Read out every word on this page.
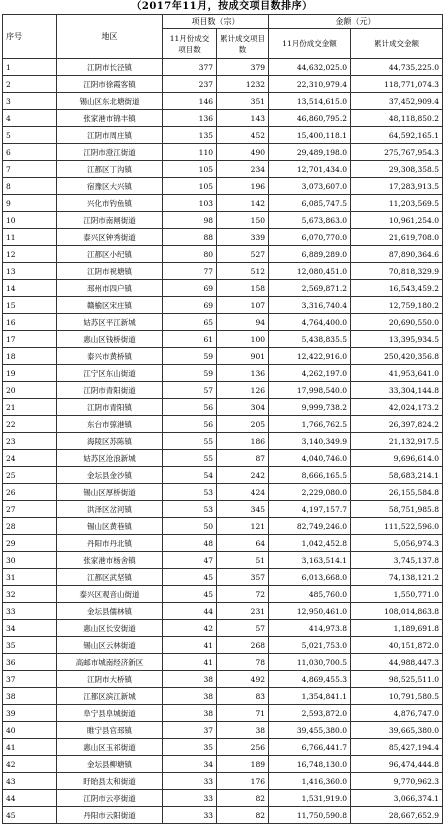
（2017年11月，按成交项目数排序）
序号	地区	项目数（宗）		金额（元）	
		11月份成交项目数	累计成交项目数	11月份成交金额	累计成交金额
1	江阴市长泾镇	377	379	44,632,025.0	44,735,225.0
2	江阴市徐霞客镇	237	1232	22,310,979.4	118,771,074.3
3	锡山区东北塘街道	146	351	13,514,615.0	37,452,909.4
4	张家港市锦丰镇	136	143	46,860,795.2	48,118,850.2
5	江阴市周庄镇	135	452	15,400,118.1	64,592,165.1
6	江阴市澄江街道	110	490	29,489,198.0	275,767,954.3
7	江都区丁沟镇	105	234	12,701,434.0	29,308,358.5
8	宿豫区大兴镇	105	196	3,073,607.0	17,283,913.5
9	兴化市钓鱼镇	103	142	6,085,747.5	11,203,569.5
10	江阴市南闸街道	98	150	5,673,863.0	10,961,254.0
11	泰兴区钟秀街道	88	339	6,070,770.0	21,619,708.0
12	江都区小纪镇	80	527	6,889,289.0	87,890,364.6
13	江阴市祝塘镇	77	512	12,080,451.0	70,818,329.9
14	邳州市四户镇	69	158	2,569,871.2	16,543,459.2
15	赣榆区宋庄镇	69	107	3,316,740.4	12,759,180.2
16	姑苏区平江新城	65	94	4,764,400.0	20,690,550.0
17	惠山区钱桥街道	61	100	5,438,835.5	13,395,934.5
18	泰兴市黄桥镇	59	901	12,422,916.0	250,420,356.8
19	江宁区东山街道	59	136	4,262,197.0	41,953,641.0
20	江阴市青阳街道	57	126	17,998,540.0	33,304,144.8
21	江阴市青阳镇	56	304	9,999,738.2	42,024,173.2
22	东台市弶港镇	56	205	1,766,762.5	26,397,824.2
23	海陵区苏陈镇	55	186	3,140,349.9	21,132,917.5
24	姑苏区沧浪新城	55	87	4,040,746.0	9,696,614.0
25	金坛县金沙镇	54	242	8,666,165.5	58,683,214.1
26	锡山区厚桥街道	53	424	2,229,080.0	26,155,584.8
27	洪泽区岔河镇	53	345	4,197,157.7	58,751,985.8
28	锡山区黄巷镇	50	121	82,749,246.0	111,522,596.0
29	丹阳市丹北镇	48	64	1,042,452.8	5,056,974.3
30	张家港市杨舍镇	47	51	3,163,514.1	3,745,137.8
31	江都区武坚镇	45	357	6,013,668.0	74,138,121.2
32	泰兴区观音山街道	45	72	485,760.0	1,550,771.0
33	金坛县儒林镇	44	231	12,950,461.0	108,014,863.8
34	惠山区长安街道	42	57	414,973.8	1,189,691.8
35	锡山区云林街道	41	268	5,021,753.0	40,151,872.0
36	高邮市城南经济新区	41	78	11,030,700.5	44,988,447.3
37	江阴市大桥镇	38	492	4,869,455.3	98,525,511.0
38	江都区滨江新城	38	83	1,354,841.1	10,791,580.5
39	阜宁县阜城街道	38	71	2,593,872.0	4,876,747.0
40	睢宁县官邳镇	37	38	39,455,380.0	39,665,380.0
41	惠山区玉祁街道	35	256	6,766,441.7	85,427,194.4
42	金坛县柳塘镇	34	189	16,748,130.0	96,474,444.8
43	盱眙县太和街道	33	176	1,416,360.0	9,770,962.3
44	江阴市云亭街道	33	82	1,531,919.0	3,066,374.1
45	丹阳市云阳街道	33	82	11,750,590.8	28,667,652.9
